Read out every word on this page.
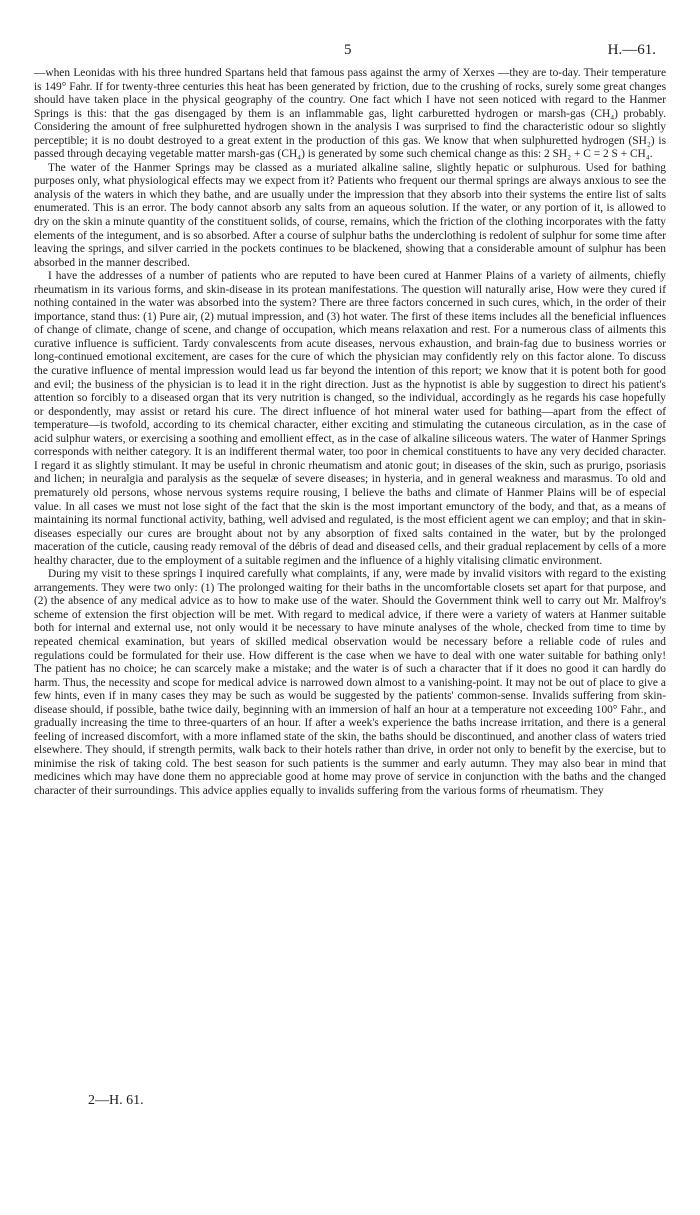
5	H.—61.

—when Leonidas with his three hundred Spartans held that famous pass against the army of Xerxes —they are to-day. Their temperature is 149° Fahr. If for twenty-three centuries this heat has been generated by friction, due to the crushing of rocks, surely some great changes should have taken place in the physical geography of the country. One fact which I have not seen noticed with regard to the Hanmer Springs is this: that the gas disengaged by them is an inflammable gas, light carburetted hydrogen or marsh-gas (CH₄) probably. Considering the amount of free sulphuretted hydrogen shown in the analysis I was surprised to find the characteristic odour so slightly perceptible; it is no doubt destroyed to a great extent in the production of this gas. We know that when sulphuretted hydrogen (SH₂) is passed through decaying vegetable matter marsh-gas (CH₄) is generated by some such chemical change as this: 2 SH₂ + C = 2 S + CH₄.

The water of the Hanmer Springs may be classed as a muriated alkaline saline, slightly hepatic or sulphurous. Used for bathing purposes only, what physiological effects may we expect from it? Patients who frequent our thermal springs are always anxious to see the analysis of the waters in which they bathe, and are usually under the impression that they absorb into their systems the entire list of salts enumerated. This is an error. The body cannot absorb any salts from an aqueous solution. If the water, or any portion of it, is allowed to dry on the skin a minute quantity of the constituent solids, of course, remains, which the friction of the clothing incorporates with the fatty elements of the integument, and is so absorbed. After a course of sulphur baths the underclothing is redolent of sulphur for some time after leaving the springs, and silver carried in the pockets continues to be blackened, showing that a considerable amount of sulphur has been absorbed in the manner described.

I have the addresses of a number of patients who are reputed to have been cured at Hanmer Plains of a variety of ailments, chiefly rheumatism in its various forms, and skin-disease in its protean manifestations. The question will naturally arise, How were they cured if nothing contained in the water was absorbed into the system? There are three factors concerned in such cures, which, in the order of their importance, stand thus: (1) Pure air, (2) mutual impression, and (3) hot water. The first of these items includes all the beneficial influences of change of climate, change of scene, and change of occupation, which means relaxation and rest. For a numerous class of ailments this curative influence is sufficient. Tardy convalescents from acute diseases, nervous exhaustion, and brain-fag due to business worries or long-continued emotional excitement, are cases for the cure of which the physician may confidently rely on this factor alone. To discuss the curative influence of mental impression would lead us far beyond the intention of this report; we know that it is potent both for good and evil; the business of the physician is to lead it in the right direction. Just as the hypnotist is able by suggestion to direct his patient's attention so forcibly to a diseased organ that its very nutrition is changed, so the individual, accordingly as he regards his case hopefully or despondently, may assist or retard his cure. The direct influence of hot mineral water used for bathing—apart from the effect of temperature—is twofold, according to its chemical character, either exciting and stimulating the cutaneous circulation, as in the case of acid sulphur waters, or exercising a soothing and emollient effect, as in the case of alkaline siliceous waters. The water of Hanmer Springs corresponds with neither category. It is an indifferent thermal water, too poor in chemical constituents to have any very decided character. I regard it as slightly stimulant. It may be useful in chronic rheumatism and atonic gout; in diseases of the skin, such as prurigo, psoriasis and lichen; in neuralgia and paralysis as the sequelæ of severe diseases; in hysteria, and in general weakness and marasmus. To old and prematurely old persons, whose nervous systems require rousing, I believe the baths and climate of Hanmer Plains will be of especial value. In all cases we must not lose sight of the fact that the skin is the most important emunctory of the body, and that, as a means of maintaining its normal functional activity, bathing, well advised and regulated, is the most efficient agent we can employ; and that in skin-diseases especially our cures are brought about not by any absorption of fixed salts contained in the water, but by the prolonged maceration of the cuticle, causing ready removal of the débris of dead and diseased cells, and their gradual replacement by cells of a more healthy character, due to the employment of a suitable regimen and the influence of a highly vitalising climatic environment.

During my visit to these springs I inquired carefully what complaints, if any, were made by invalid visitors with regard to the existing arrangements. They were two only: (1) The prolonged waiting for their baths in the uncomfortable closets set apart for that purpose, and (2) the absence of any medical advice as to how to make use of the water. Should the Government think well to carry out Mr. Malfroy's scheme of extension the first objection will be met. With regard to medical advice, if there were a variety of waters at Hanmer suitable both for internal and external use, not only would it be necessary to have minute analyses of the whole, checked from time to time by repeated chemical examination, but years of skilled medical observation would be necessary before a reliable code of rules and regulations could be formulated for their use. How different is the case when we have to deal with one water suitable for bathing only! The patient has no choice; he can scarcely make a mistake; and the water is of such a character that if it does no good it can hardly do harm. Thus, the necessity and scope for medical advice is narrowed down almost to a vanishing-point. It may not be out of place to give a few hints, even if in many cases they may be such as would be suggested by the patients' common-sense. Invalids suffering from skin-disease should, if possible, bathe twice daily, beginning with an immersion of half an hour at a temperature not exceeding 100° Fahr., and gradually increasing the time to three-quarters of an hour. If after a week's experience the baths increase irritation, and there is a general feeling of increased discomfort, with a more inflamed state of the skin, the baths should be discontinued, and another class of waters tried elsewhere. They should, if strength permits, walk back to their hotels rather than drive, in order not only to benefit by the exercise, but to minimise the risk of taking cold. The best season for such patients is the summer and early autumn. They may also bear in mind that medicines which may have done them no appreciable good at home may prove of service in conjunction with the baths and the changed character of their surroundings. This advice applies equally to invalids suffering from the various forms of rheumatism. They

2—H. 61.
